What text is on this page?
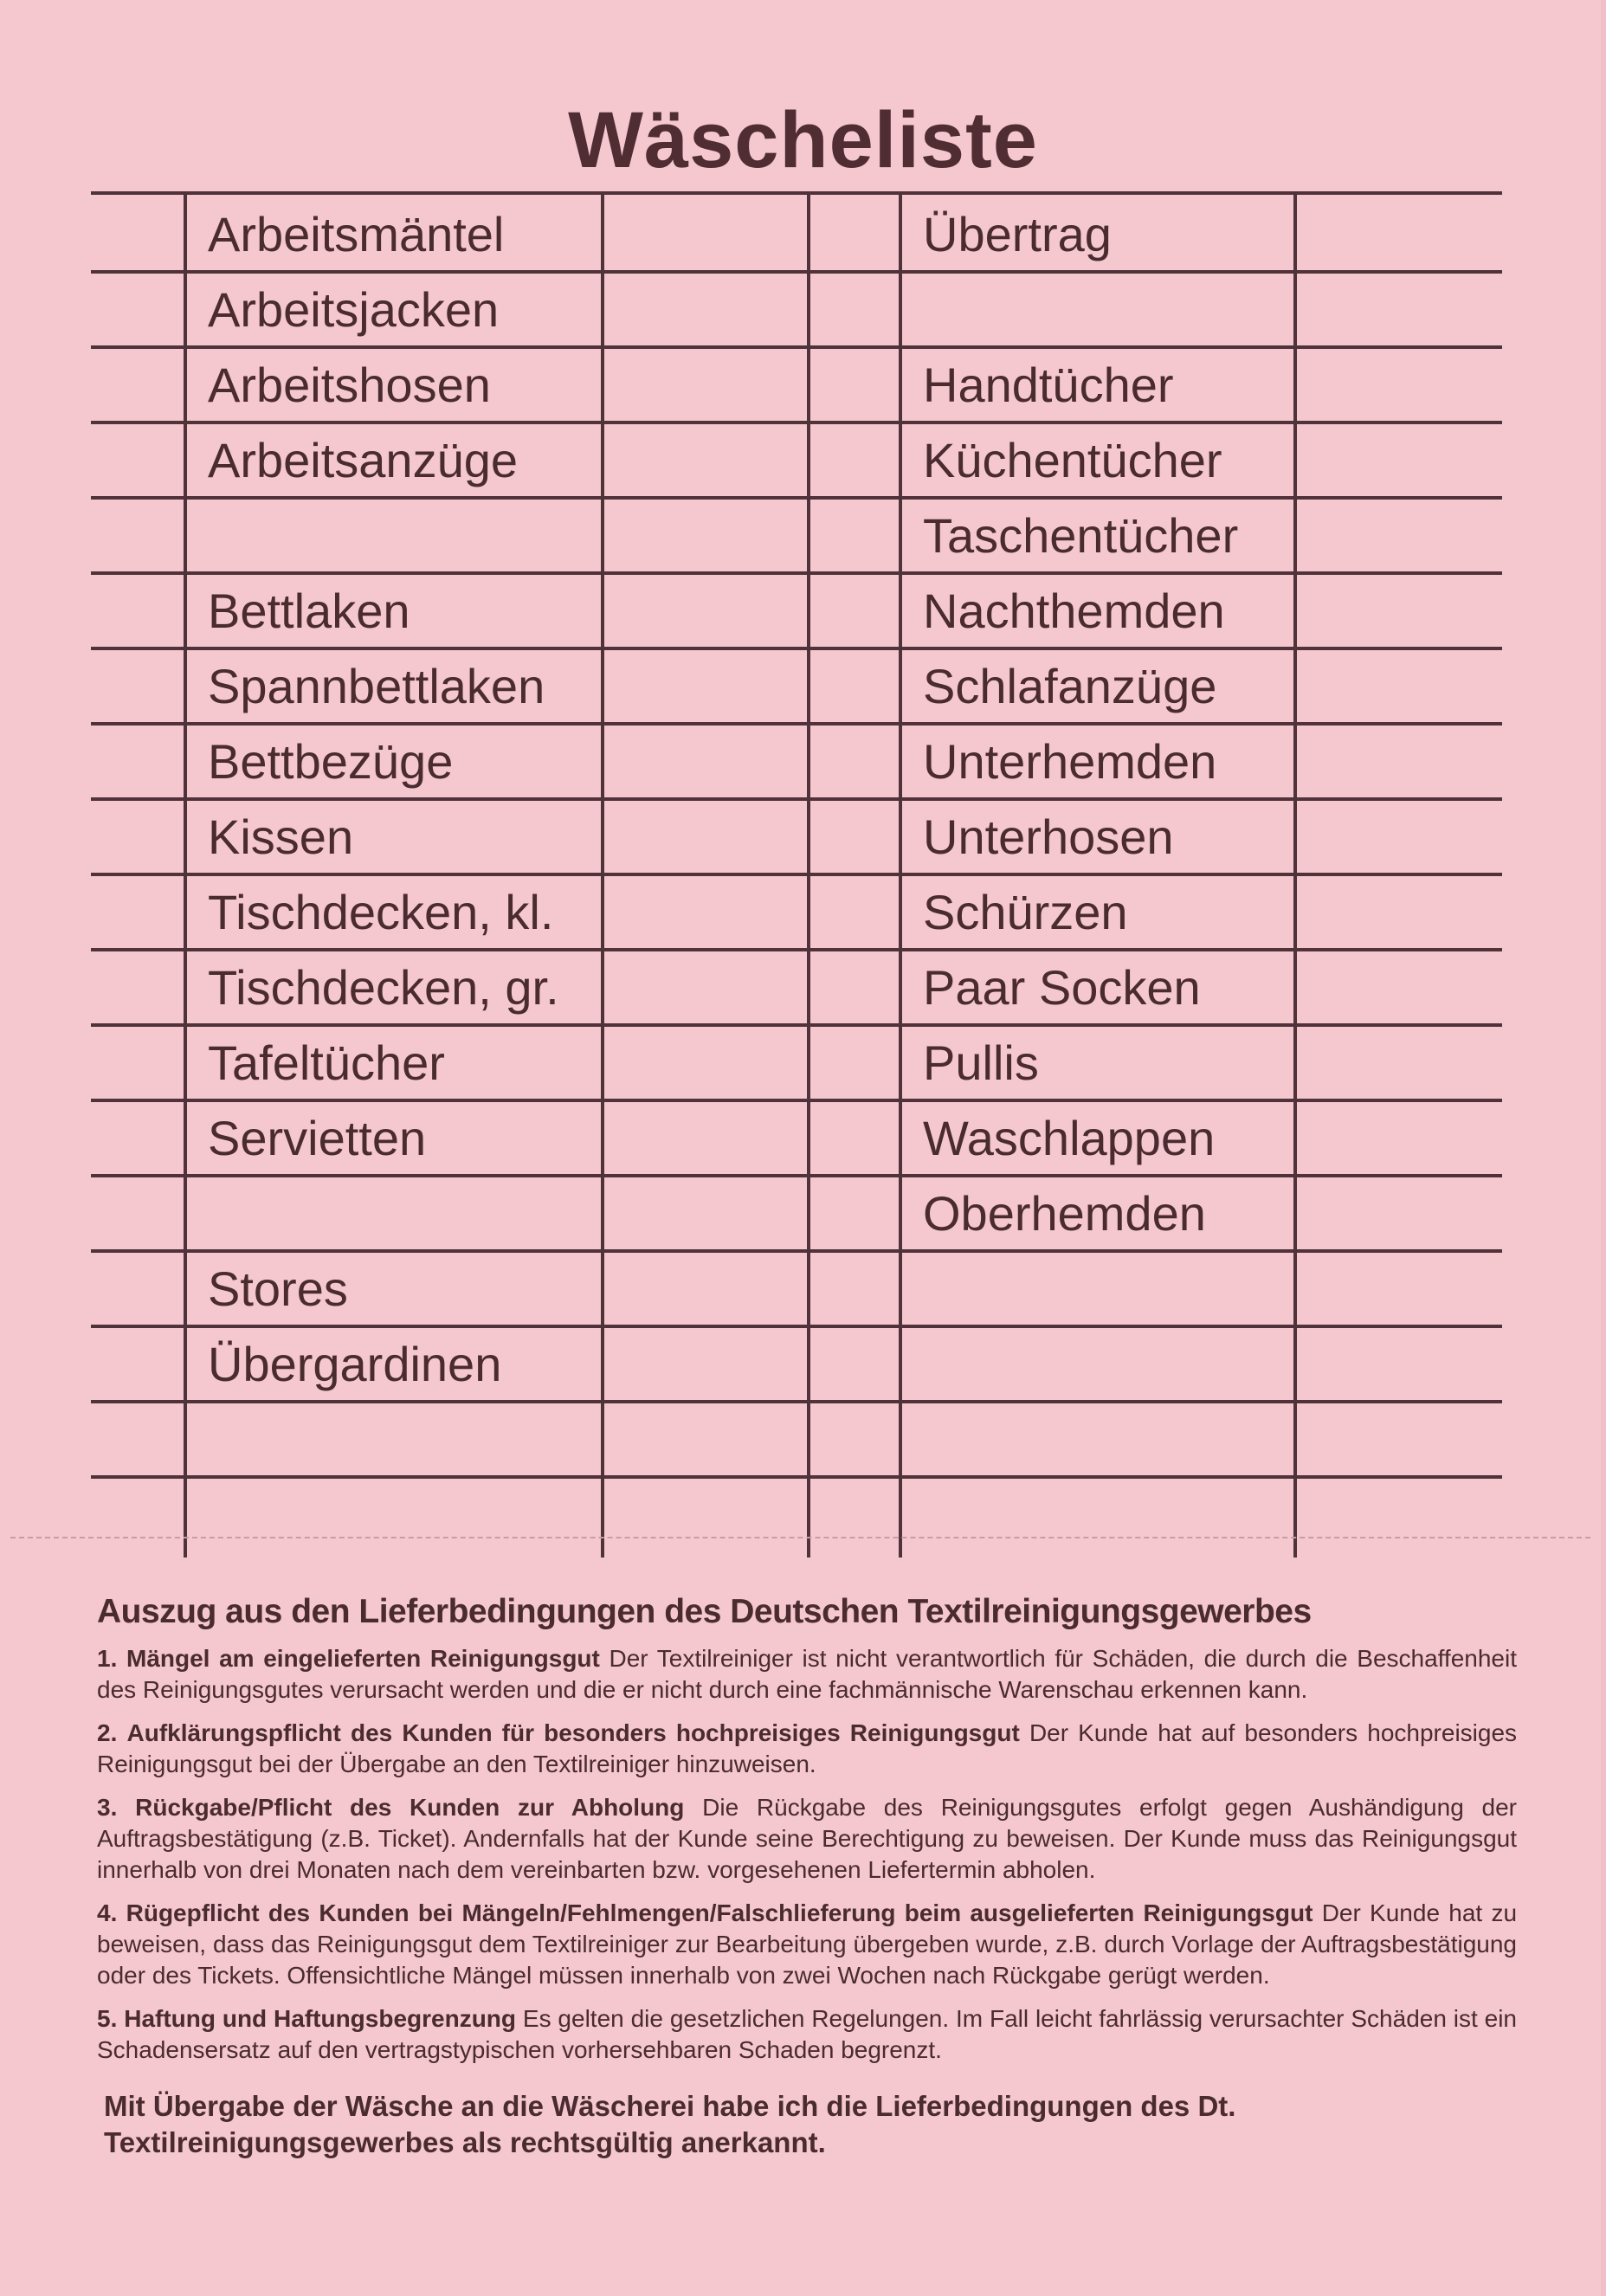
Wäscheliste
Arbeitsmäntel
Arbeitsjacken
Arbeitshosen
Arbeitsanzüge
Bettlaken
Spannbettlaken
Bettbezüge
Kissen
Tischdecken, kl.
Tischdecken, gr.
Tafeltücher
Servietten
Stores
Übergardinen
Übertrag
Handtücher
Küchentücher
Taschentücher
Nachthemden
Schlafanzüge
Unterhemden
Unterhosen
Schürzen
Paar Socken
Pullis
Waschlappen
Oberhemden
Auszug aus den Lieferbedingungen des Deutschen Textilreinigungsgewerbes
1. Mängel am eingelieferten Reinigungsgut Der Textilreiniger ist nicht verantwortlich für Schäden, die durch die Beschaffenheit des Reinigungsgutes verursacht werden und die er nicht durch eine fachmännische Warenschau erkennen kann.
2. Aufklärungspflicht des Kunden für besonders hochpreisiges Reinigungsgut Der Kunde hat auf besonders hochpreisiges Reinigungsgut bei der Übergabe an den Textilreiniger hinzuweisen.
3. Rückgabe/Pflicht des Kunden zur Abholung Die Rückgabe des Reinigungsgutes erfolgt gegen Aushändigung der Auftragsbestätigung (z.B. Ticket). Andernfalls hat der Kunde seine Berechtigung zu beweisen. Der Kunde muss das Reinigungsgut innerhalb von drei Monaten nach dem vereinbarten bzw. vorgesehenen Liefertermin abholen.
4. Rügepflicht des Kunden bei Mängeln/Fehlmengen/Falschlieferung beim ausgelieferten Reinigungsgut Der Kunde hat zu beweisen, dass das Reinigungsgut dem Textilreiniger zur Bearbeitung übergeben wurde, z.B. durch Vorlage der Auftragsbestätigung oder des Tickets. Offensichtliche Mängel müssen innerhalb von zwei Wochen nach Rückgabe gerügt werden.
5. Haftung und Haftungsbegrenzung Es gelten die gesetzlichen Regelungen. Im Fall leicht fahrlässig verursachter Schäden ist ein Schadensersatz auf den vertragstypischen vorhersehbaren Schaden begrenzt.
Mit Übergabe der Wäsche an die Wäscherei habe ich die Lieferbedingungen des Dt. Textilreinigungsgewerbes als rechtsgültig anerkannt.
